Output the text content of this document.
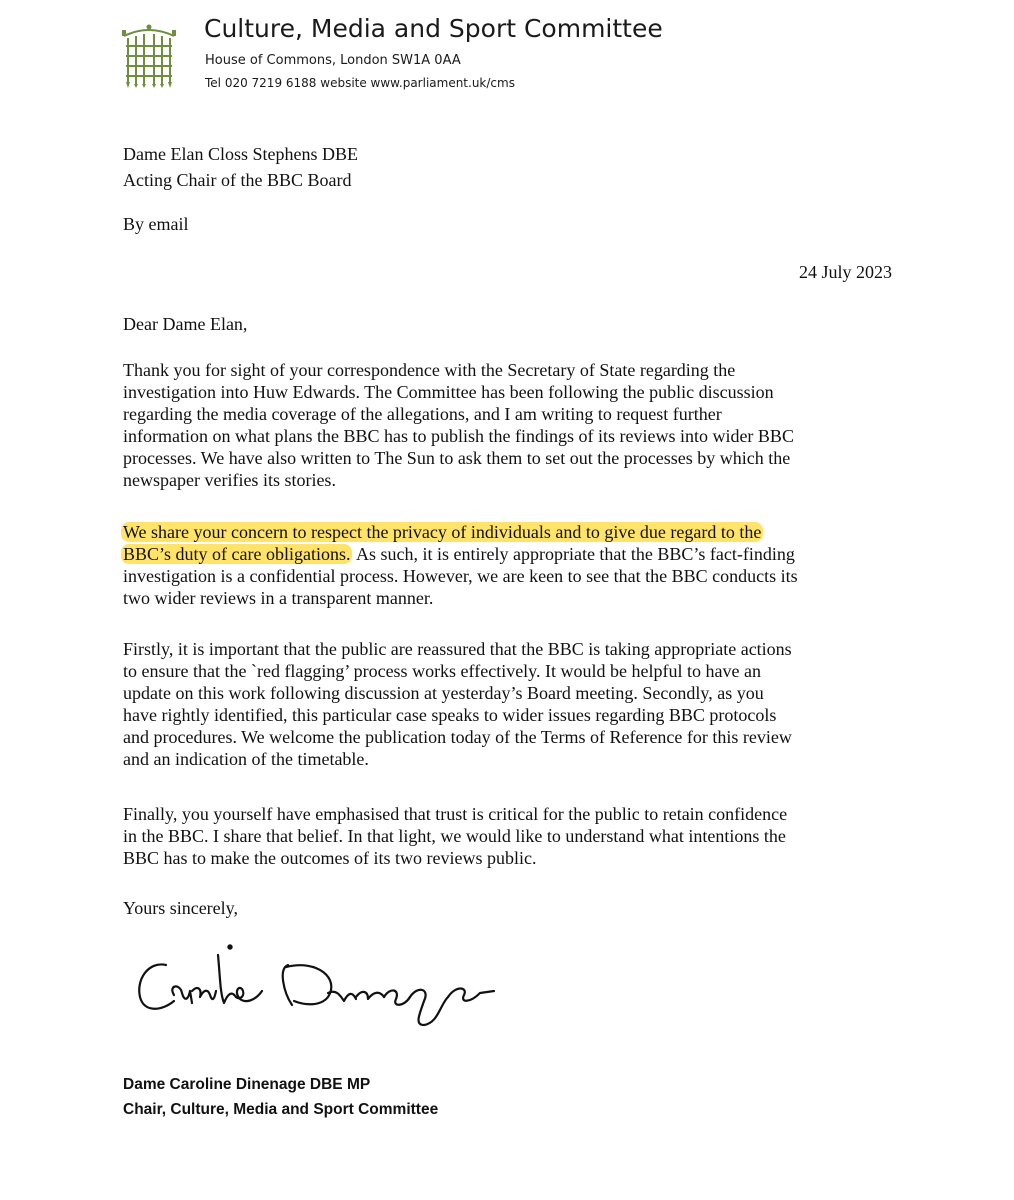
Culture, Media and Sport Committee
House of Commons, London SW1A 0AA
Tel 020 7219 6188 website www.parliament.uk/cms
Dame Elan Closs Stephens DBE
Acting Chair of the BBC Board
By email
24 July 2023
Dear Dame Elan,
Thank you for sight of your correspondence with the Secretary of State regarding the
investigation into Huw Edwards. The Committee has been following the public discussion
regarding the media coverage of the allegations, and I am writing to request further
information on what plans the BBC has to publish the findings of its reviews into wider BBC
processes. We have also written to The Sun to ask them to set out the processes by which the
newspaper verifies its stories.
We share your concern to respect the privacy of individuals and to give due regard to the
BBC’s duty of care obligations. As such, it is entirely appropriate that the BBC’s fact-finding
investigation is a confidential process. However, we are keen to see that the BBC conducts its
two wider reviews in a transparent manner.
Firstly, it is important that the public are reassured that the BBC is taking appropriate actions
to ensure that the `red flagging’ process works effectively. It would be helpful to have an
update on this work following discussion at yesterday’s Board meeting. Secondly, as you
have rightly identified, this particular case speaks to wider issues regarding BBC protocols
and procedures. We welcome the publication today of the Terms of Reference for this review
and an indication of the timetable.
Finally, you yourself have emphasised that trust is critical for the public to retain confidence
in the BBC. I share that belief. In that light, we would like to understand what intentions the
BBC has to make the outcomes of its two reviews public.
Yours sincerely,
Dame Caroline Dinenage DBE MP
Chair, Culture, Media and Sport Committee
